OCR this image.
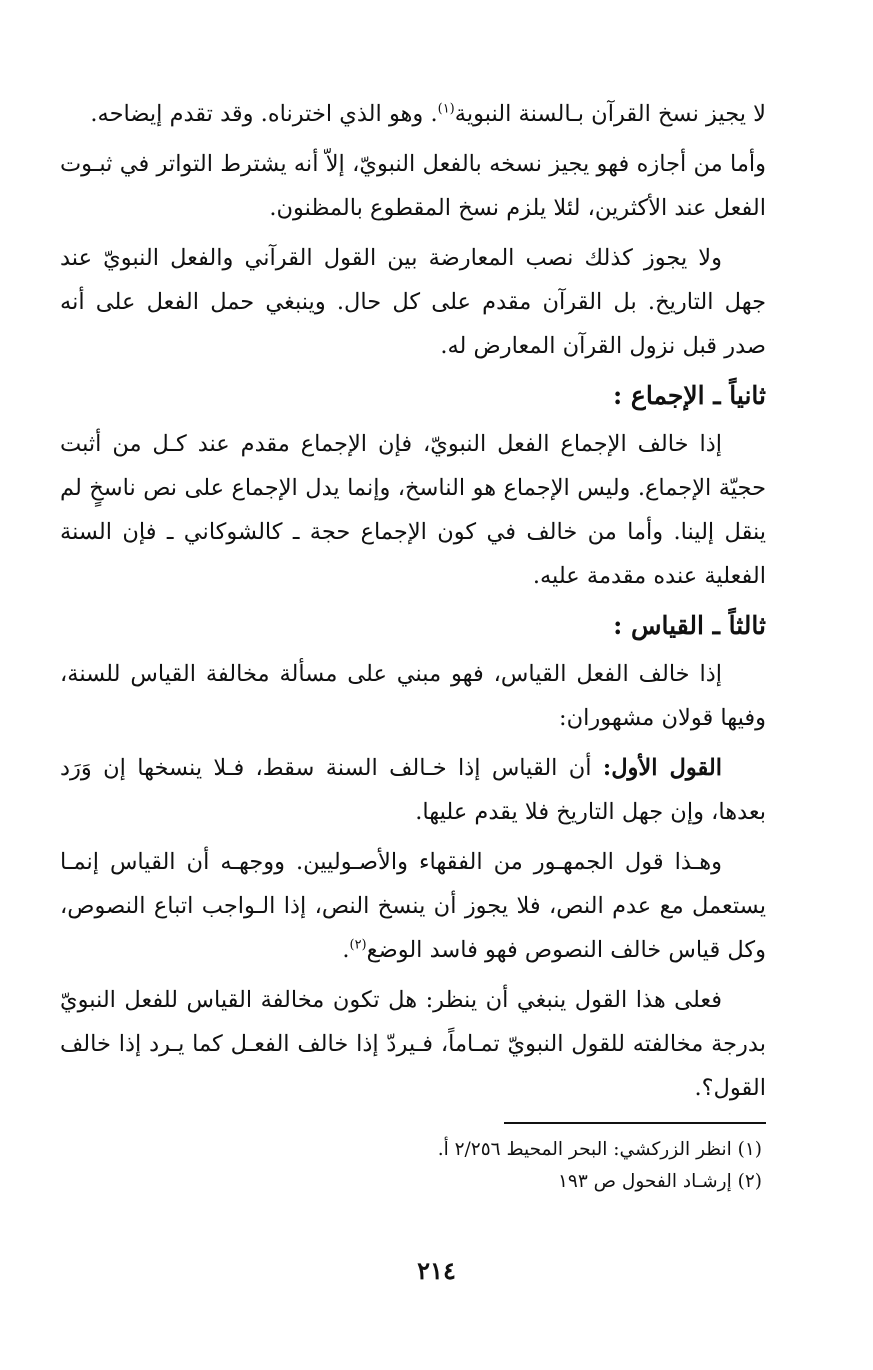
لا يجيز نسخ القرآن بـالسنة النبوية$^{(١)}$. وهو الذي اخترناه. وقد تقدم إيضاحه.

وأما من أجازه فهو يجيز نسخه بالفعل النبويّ، إلاّ أنه يشترط التواتر في ثبـوت الفعل عند الأكثرين، لئلا يلزم نسخ المقطوع بالمظنون.

ولا يجوز كذلك نصب المعارضة بين القول القرآني والفعل النبويّ عند جهل التاريخ. بل القرآن مقدم على كل حال. وينبغي حمل الفعل على أنه صدر قبل نزول القرآن المعارض له.

ثانياً ـ الإجماع :

إذا خالف الإجماع الفعل النبويّ، فإن الإجماع مقدم عند كـل من أثبت حجيّة الإجماع. وليس الإجماع هو الناسخ، وإنما يدل الإجماع على نص ناسخٍ لم ينقل إلينا. وأما من خالف في كون الإجماع حجة ـ كالشوكاني ـ فإن السنة الفعلية عنده مقدمة عليه.

ثالثاً ـ القياس :

إذا خالف الفعل القياس، فهو مبني على مسألة مخالفة القياس للسنة، وفيها قولان مشهوران:

القول الأول: أن القياس إذا خـالف السنة سقط، فـلا ينسخها إن وَرَد بعدها، وإن جهل التاريخ فلا يقدم عليها.

وهـذا قول الجمهـور من الفقهاء والأصـوليين. ووجهـه أن القياس إنمـا يستعمل مع عدم النص، فلا يجوز أن ينسخ النص، إذا الـواجب اتباع النصوص، وكل قياس خالف النصوص فهو فاسد الوضع$^{(٢)}$.

فعلى هذا القول ينبغي أن ينظر: هل تكون مخالفة القياس للفعل النبويّ بدرجة مخالفته للقول النبويّ تمـاماً، فـيردّ إذا خالف الفعـل كما يـرد إذا خالف القول؟.

(١) انظر الزركشي: البحر المحيط ٢/٢٥٦ أ.

(٢) إرشـاد الفحول ص ١٩٣

٢١٤
